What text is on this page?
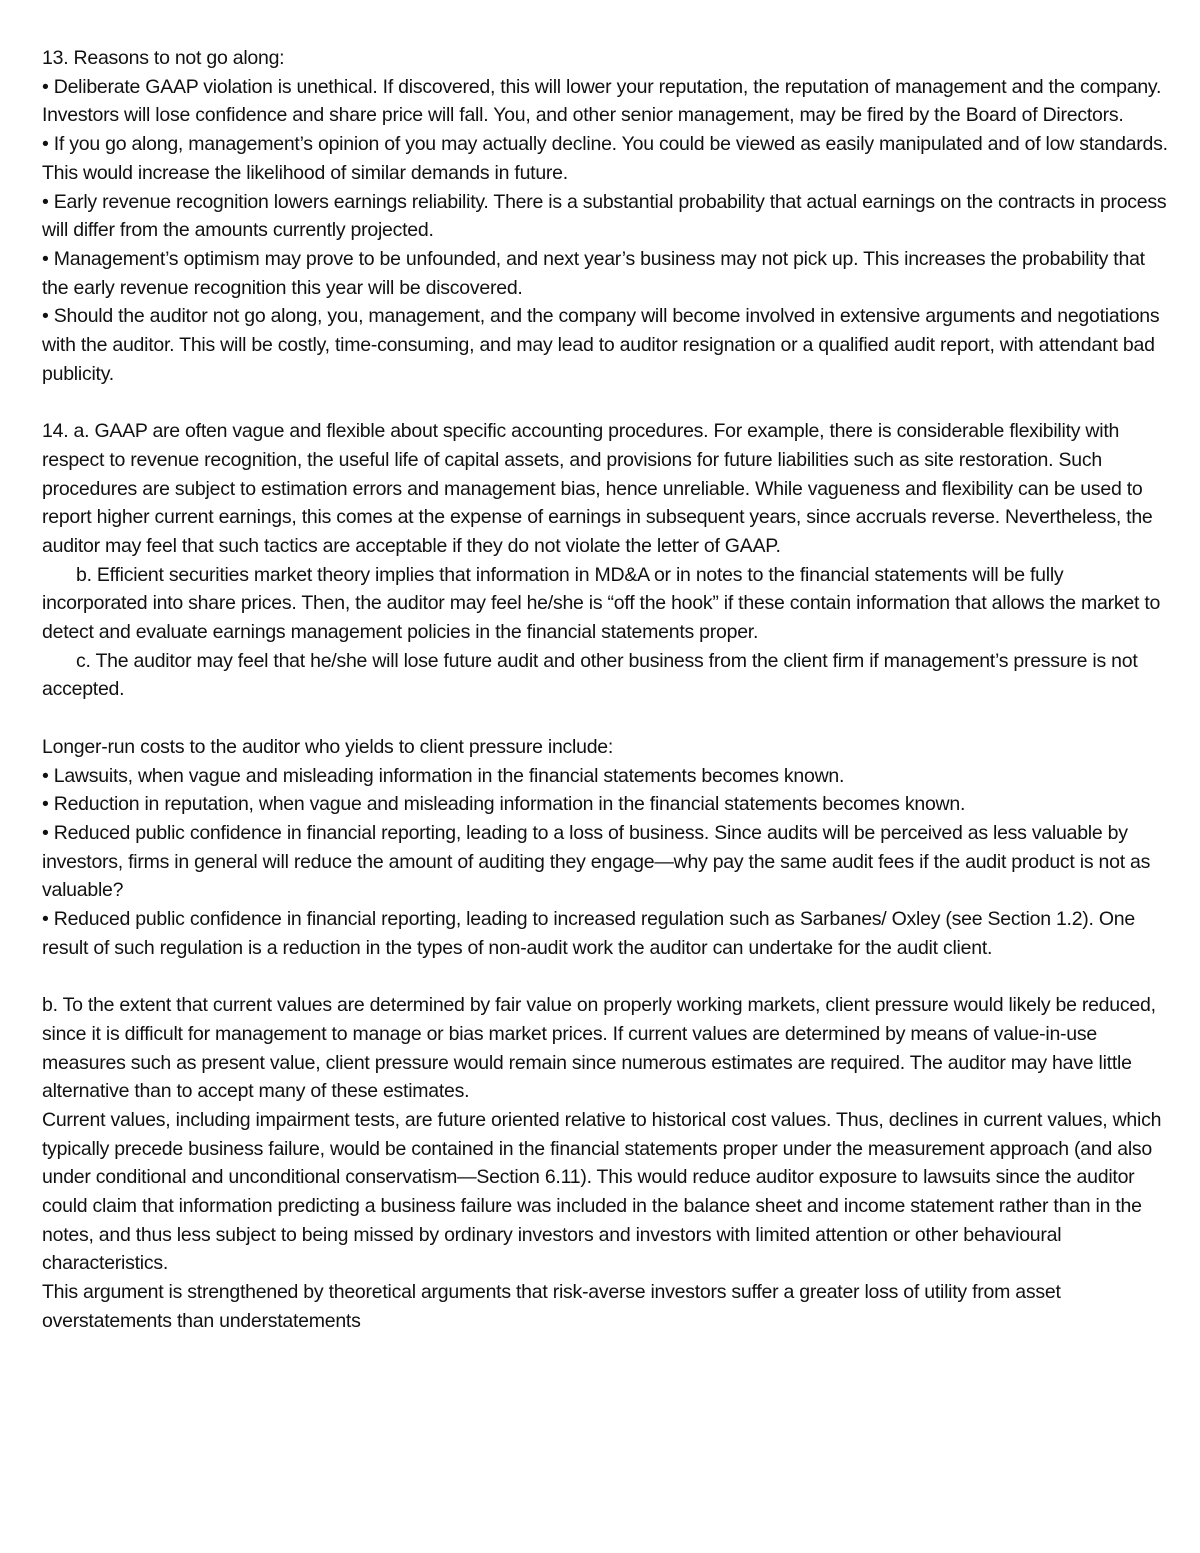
13. Reasons to not go along:

• Deliberate GAAP violation is unethical. If discovered, this will lower your reputation, the reputation of management and the company. Investors will lose confidence and share price will fall. You, and other senior management, may be fired by the Board of Directors.

• If you go along, management’s opinion of you may actually decline. You could be viewed as easily manipulated and of low standards. This would increase the likelihood of similar demands in future.

• Early revenue recognition lowers earnings reliability. There is a substantial probability that actual earnings on the contracts in process will differ from the amounts currently projected.

• Management’s optimism may prove to be unfounded, and next year’s business may not pick up. This increases the probability that the early revenue recognition this year will be discovered.

• Should the auditor not go along, you, management, and the company will become involved in extensive arguments and negotiations with the auditor. This will be costly, time-consuming, and may lead to auditor resignation or a qualified audit report, with attendant bad publicity.

14. a. GAAP are often vague and flexible about specific accounting procedures. For example, there is considerable flexibility with respect to revenue recognition, the useful life of capital assets, and provisions for future liabilities such as site restoration. Such procedures are subject to estimation errors and management bias, hence unreliable. While vagueness and flexibility can be used to report higher current earnings, this comes at the expense of earnings in subsequent years, since accruals reverse. Nevertheless, the auditor may feel that such tactics are acceptable if they do not violate the letter of GAAP.

b. Efficient securities market theory implies that information in MD&A or in notes to the financial statements will be fully incorporated into share prices. Then, the auditor may feel he/she is “off the hook” if these contain information that allows the market to detect and evaluate earnings management policies in the financial statements proper.

c. The auditor may feel that he/she will lose future audit and other business from the client firm if management’s pressure is not accepted.

Longer-run costs to the auditor who yields to client pressure include:

• Lawsuits, when vague and misleading information in the financial statements becomes known.

• Reduction in reputation, when vague and misleading information in the financial statements becomes known.

• Reduced public confidence in financial reporting, leading to a loss of business. Since audits will be perceived as less valuable by investors, firms in general will reduce the amount of auditing they engage—why pay the same audit fees if the audit product is not as valuable?

• Reduced public confidence in financial reporting, leading to increased regulation such as Sarbanes/ Oxley (see Section 1.2). One result of such regulation is a reduction in the types of non-audit work the auditor can undertake for the audit client.

b. To the extent that current values are determined by fair value on properly working markets, client pressure would likely be reduced, since it is difficult for management to manage or bias market prices. If current values are determined by means of value-in-use measures such as present value, client pressure would remain since numerous estimates are required. The auditor may have little alternative than to accept many of these estimates.

Current values, including impairment tests, are future oriented relative to historical cost values. Thus, declines in current values, which typically precede business failure, would be contained in the financial statements proper under the measurement approach (and also under conditional and unconditional conservatism—Section 6.11). This would reduce auditor exposure to lawsuits since the auditor could claim that information predicting a business failure was included in the balance sheet and income statement rather than in the notes, and thus less subject to being missed by ordinary investors and investors with limited attention or other behavioural characteristics.

This argument is strengthened by theoretical arguments that risk-averse investors suffer a greater loss of utility from asset overstatements than understatements
